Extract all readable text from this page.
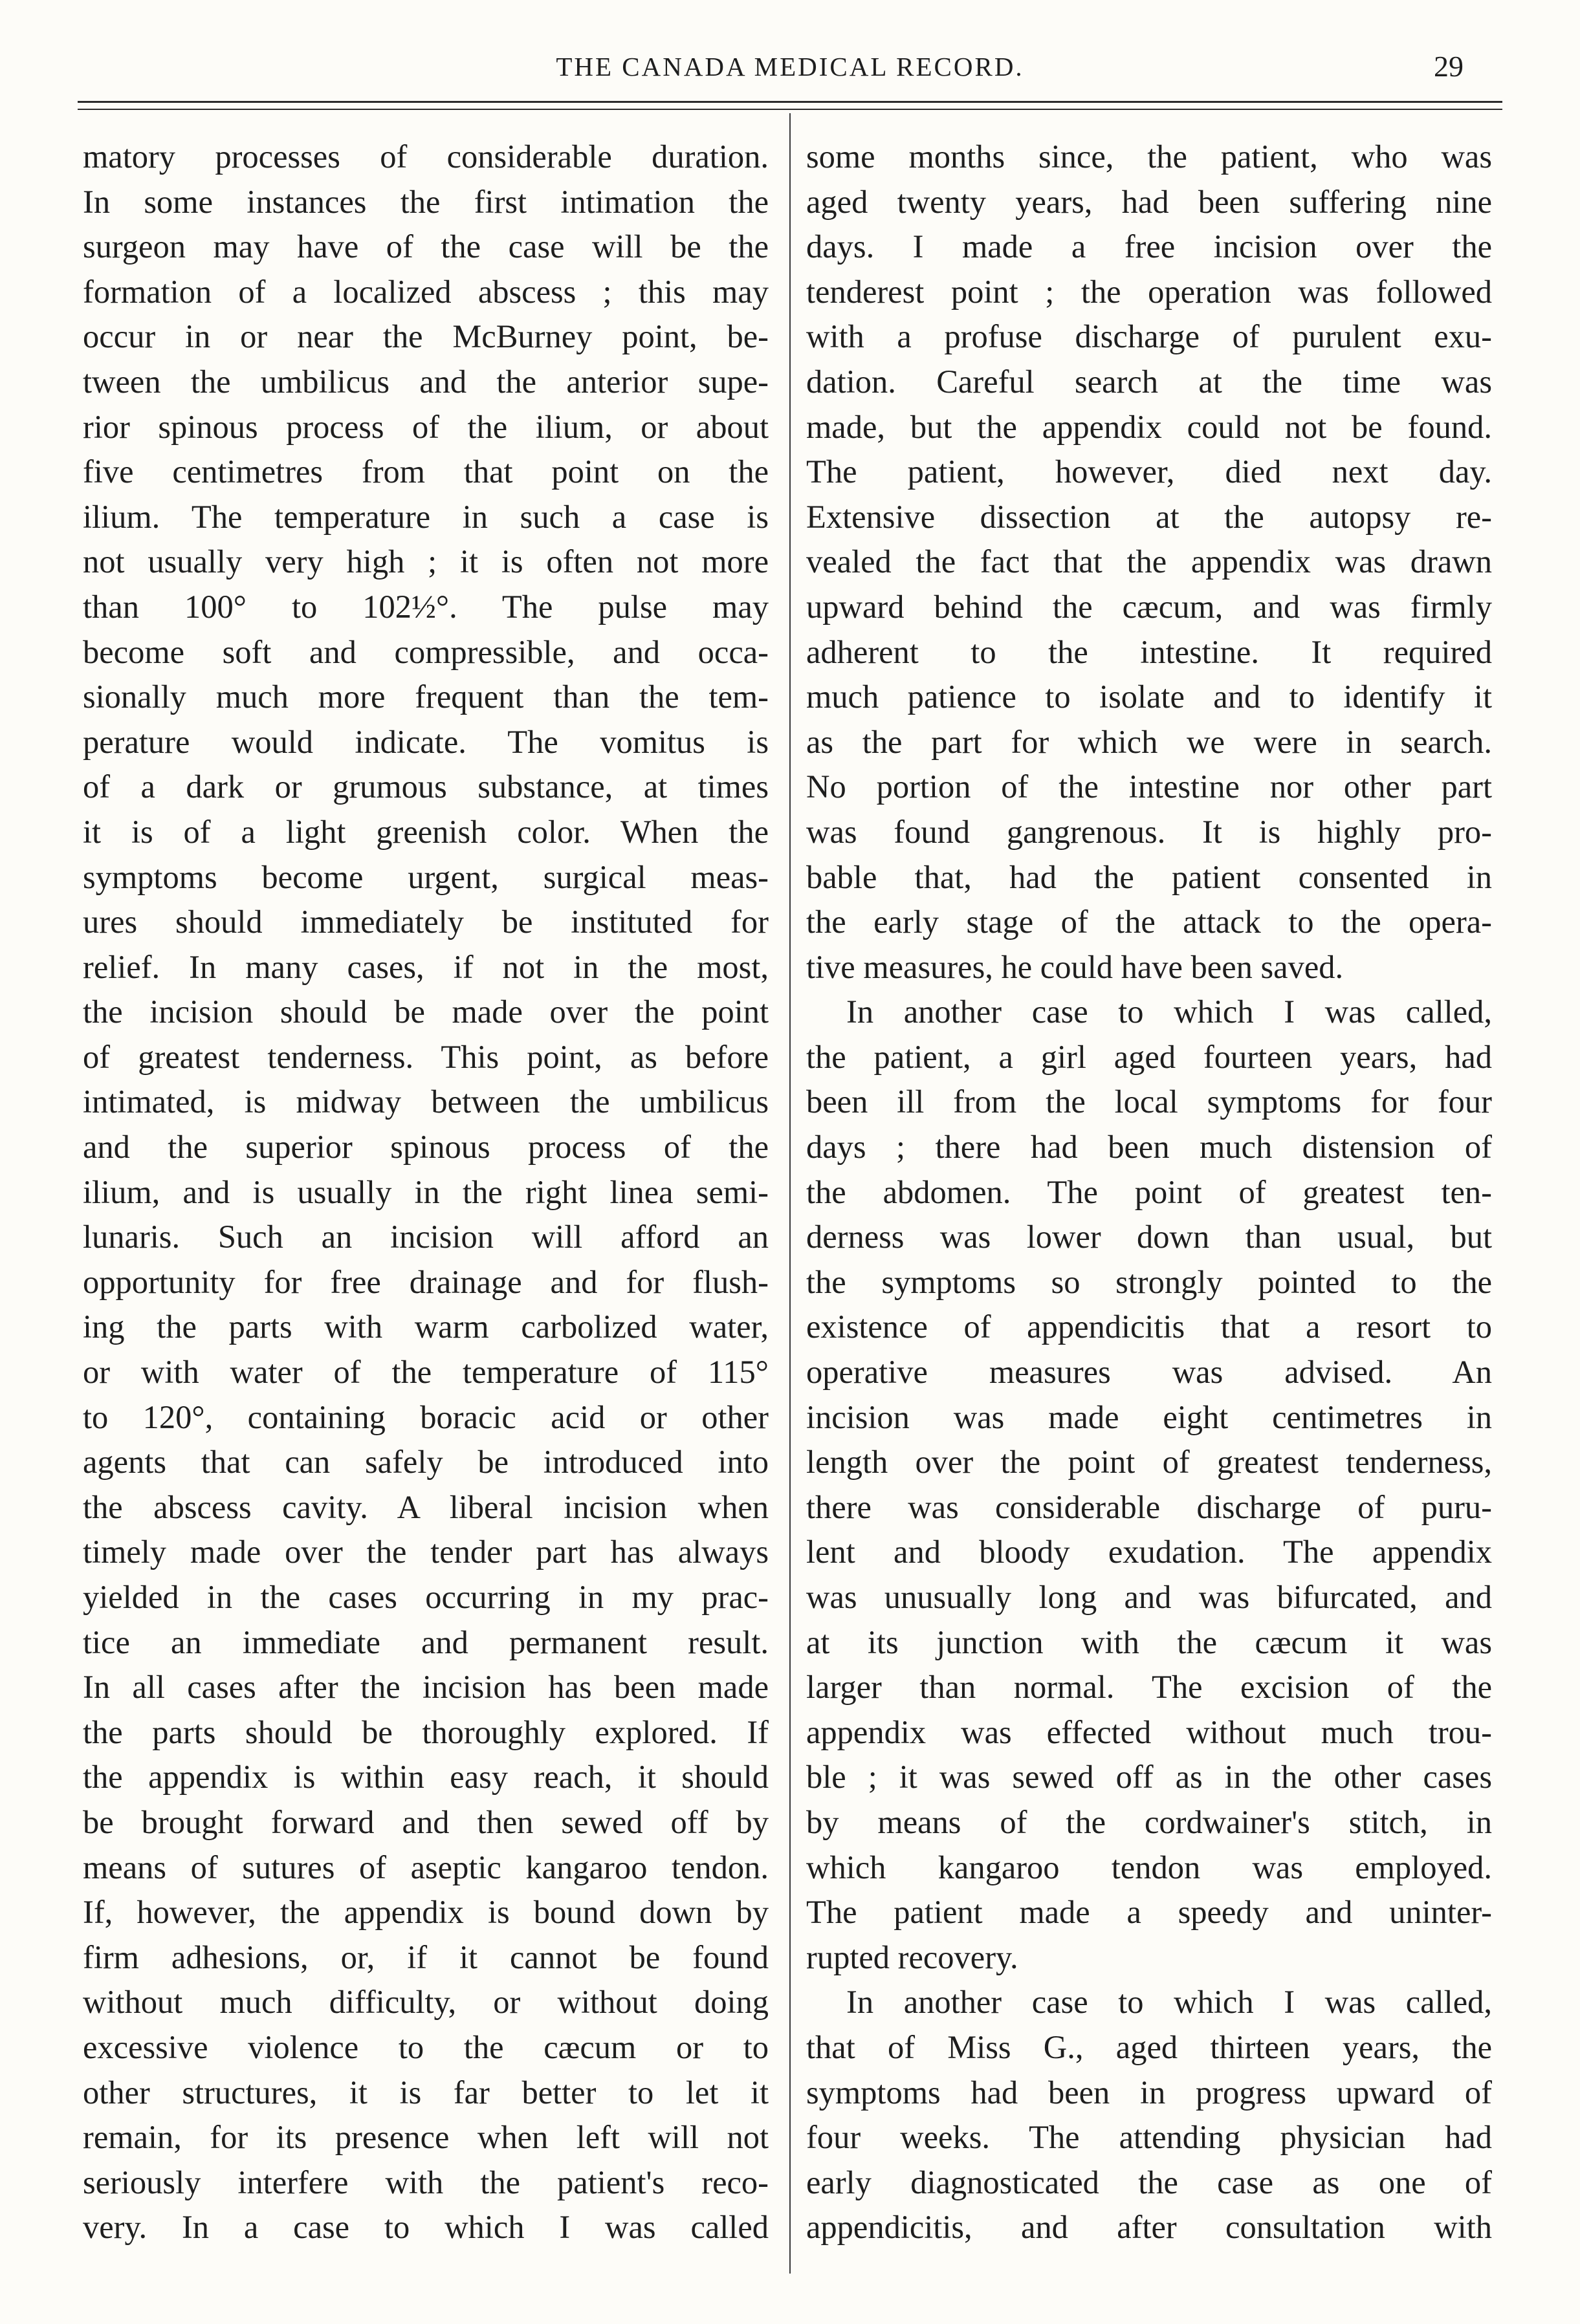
THE CANADA MEDICAL RECORD.	29
matory processes of considerable duration.
In some instances the first intimation the
surgeon may have of the case will be the
formation of a localized abscess ; this may
occur in or near the McBurney point, be-
tween the umbilicus and the anterior supe-
rior spinous process of the ilium, or about
five centimetres from that point on the
ilium. The temperature in such a case is
not usually very high ; it is often not more
than 100° to 102½°. The pulse may
become soft and compressible, and occa-
sionally much more frequent than the tem-
perature would indicate. The vomitus is
of a dark or grumous substance, at times
it is of a light greenish color. When the
symptoms become urgent, surgical meas-
ures should immediately be instituted for
relief. In many cases, if not in the most,
the incision should be made over the point
of greatest tenderness. This point, as before
intimated, is midway between the umbilicus
and the superior spinous process of the
ilium, and is usually in the right linea semi-
lunaris. Such an incision will afford an
opportunity for free drainage and for flush-
ing the parts with warm carbolized water,
or with water of the temperature of 115°
to 120°, containing boracic acid or other
agents that can safely be introduced into
the abscess cavity. A liberal incision when
timely made over the tender part has always
yielded in the cases occurring in my prac-
tice an immediate and permanent result.
In all cases after the incision has been made
the parts should be thoroughly explored. If
the appendix is within easy reach, it should
be brought forward and then sewed off by
means of sutures of aseptic kangaroo tendon.
If, however, the appendix is bound down by
firm adhesions, or, if it cannot be found
without much difficulty, or without doing
excessive violence to the cæcum or to
other structures, it is far better to let it
remain, for its presence when left will not
seriously interfere with the patient's reco-
very. In a case to which I was called
some months since, the patient, who was
aged twenty years, had been suffering nine
days. I made a free incision over the
tenderest point ; the operation was followed
with a profuse discharge of purulent exu-
dation. Careful search at the time was
made, but the appendix could not be found.
The patient, however, died next day.
Extensive dissection at the autopsy re-
vealed the fact that the appendix was drawn
upward behind the cæcum, and was firmly
adherent to the intestine. It required
much patience to isolate and to identify it
as the part for which we were in search.
No portion of the intestine nor other part
was found gangrenous. It is highly pro-
bable that, had the patient consented in
the early stage of the attack to the opera-
tive measures, he could have been saved.
In another case to which I was called,
the patient, a girl aged fourteen years, had
been ill from the local symptoms for four
days ; there had been much distension of
the abdomen. The point of greatest ten-
derness was lower down than usual, but
the symptoms so strongly pointed to the
existence of appendicitis that a resort to
operative measures was advised. An
incision was made eight centimetres in
length over the point of greatest tenderness,
there was considerable discharge of puru-
lent and bloody exudation. The appendix
was unusually long and was bifurcated, and
at its junction with the cæcum it was
larger than normal. The excision of the
appendix was effected without much trou-
ble ; it was sewed off as in the other cases
by means of the cordwainer's stitch, in
which kangaroo tendon was employed.
The patient made a speedy and uninter-
rupted recovery.
In another case to which I was called,
that of Miss G., aged thirteen years, the
symptoms had been in progress upward of
four weeks. The attending physician had
early diagnosticated the case as one of
appendicitis, and after consultation with
